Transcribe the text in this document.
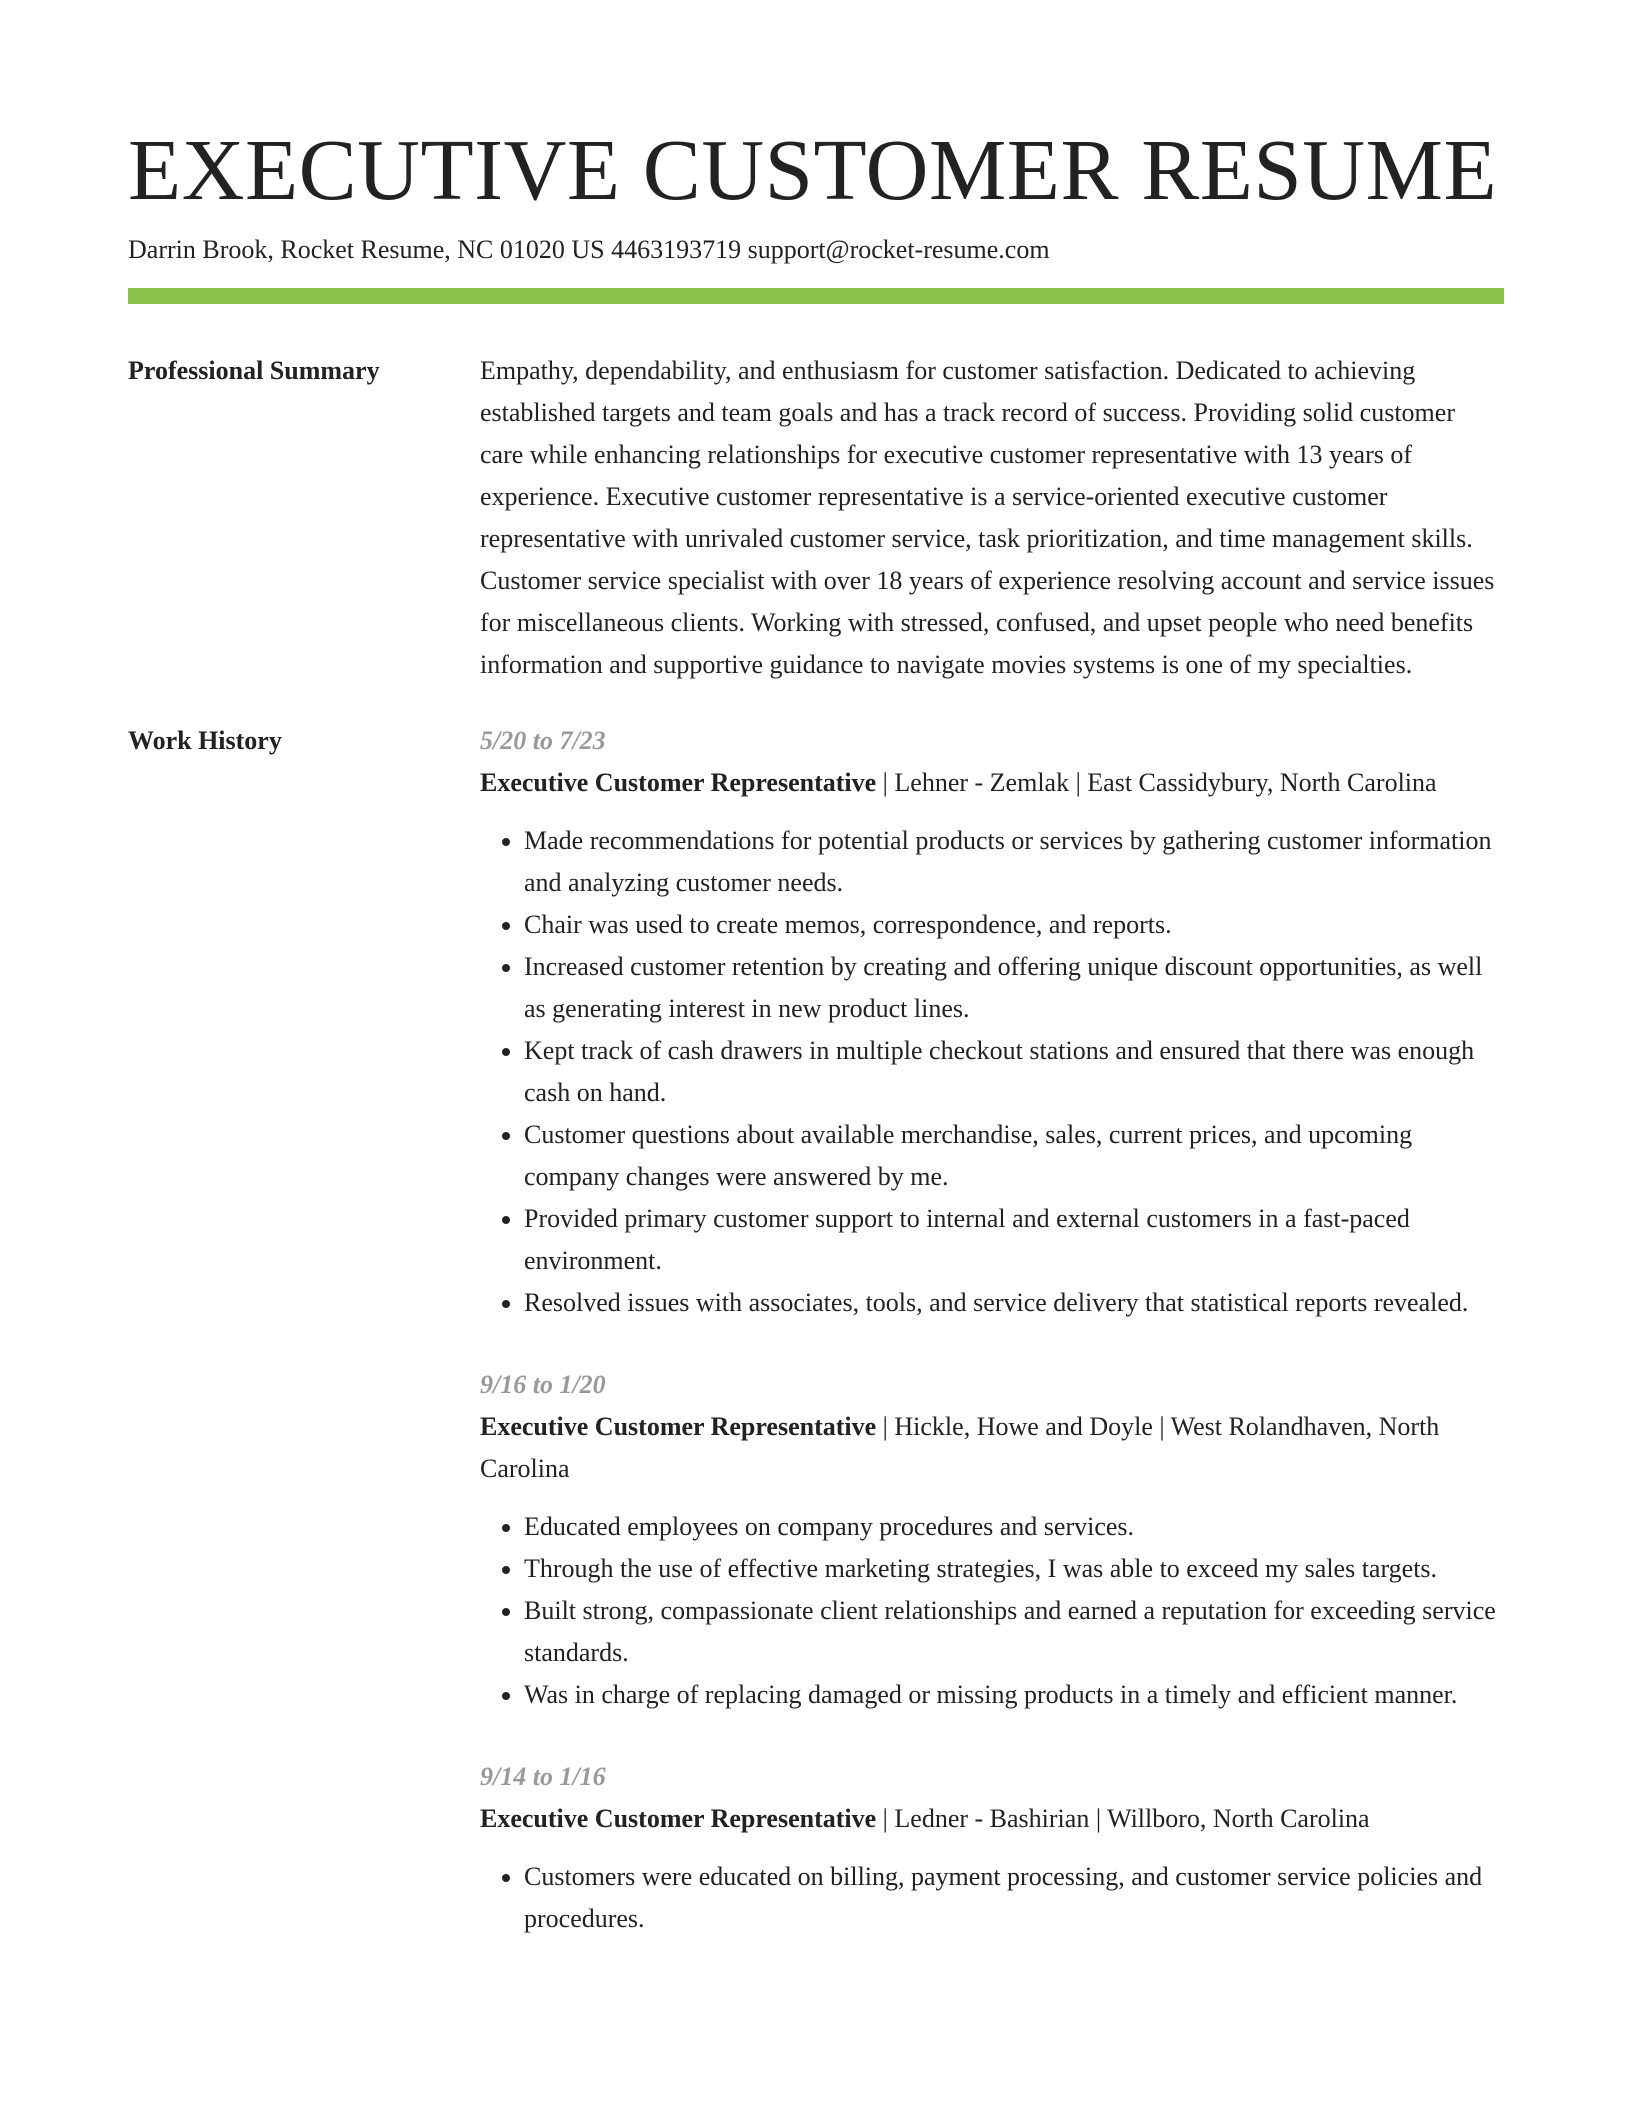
EXECUTIVE CUSTOMER RESUME
Darrin Brook, Rocket Resume, NC 01020 US 4463193719 support@rocket-resume.com
Professional Summary	Empathy, dependability, and enthusiasm for customer satisfaction. Dedicated to achieving established targets and team goals and has a track record of success. Providing solid customer care while enhancing relationships for executive customer representative with 13 years of experience. Executive customer representative is a service-oriented executive customer representative with unrivaled customer service, task prioritization, and time management skills. Customer service specialist with over 18 years of experience resolving account and service issues for miscellaneous clients. Working with stressed, confused, and upset people who need benefits information and supportive guidance to navigate movies systems is one of my specialties.

Work History	5/20 to 7/23
Executive Customer Representative | Lehner - Zemlak | East Cassidybury, North Carolina
• Made recommendations for potential products or services by gathering customer information and analyzing customer needs.
• Chair was used to create memos, correspondence, and reports.
• Increased customer retention by creating and offering unique discount opportunities, as well as generating interest in new product lines.
• Kept track of cash drawers in multiple checkout stations and ensured that there was enough cash on hand.
• Customer questions about available merchandise, sales, current prices, and upcoming company changes were answered by me.
• Provided primary customer support to internal and external customers in a fast-paced environment.
• Resolved issues with associates, tools, and service delivery that statistical reports revealed.
9/16 to 1/20
Executive Customer Representative | Hickle, Howe and Doyle | West Rolandhaven, North Carolina
• Educated employees on company procedures and services.
• Through the use of effective marketing strategies, I was able to exceed my sales targets.
• Built strong, compassionate client relationships and earned a reputation for exceeding service standards.
• Was in charge of replacing damaged or missing products in a timely and efficient manner.
9/14 to 1/16
Executive Customer Representative | Ledner - Bashirian | Willboro, North Carolina
• Customers were educated on billing, payment processing, and customer service policies and procedures.
